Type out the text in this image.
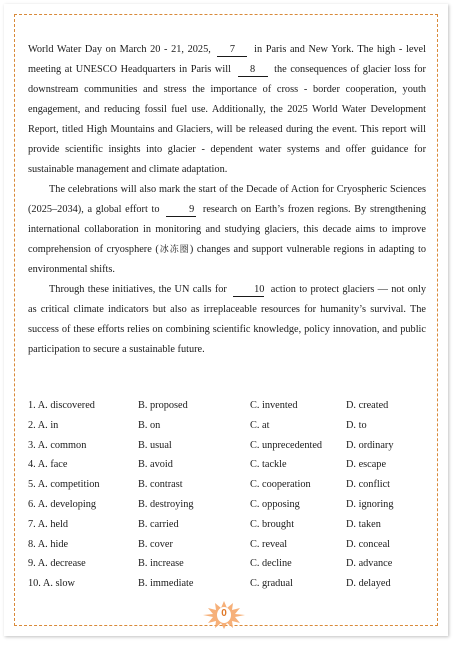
World Water Day on March 20 - 21, 2025, 7 in Paris and New York. The high - level meeting at UNESCO Headquarters in Paris will 8 the consequences of glacier loss for downstream communities and stress the importance of cross - border cooperation, youth engagement, and reducing fossil fuel use. Additionally, the 2025 World Water Development Report, titled High Mountains and Glaciers, will be released during the event. This report will provide scientific insights into glacier - dependent water systems and offer guidance for sustainable management and climate adaptation.

The celebrations will also mark the start of the Decade of Action for Cryospheric Sciences (2025–2034), a global effort to	9 research on Earth’s frozen regions. By strengthening international collaboration in monitoring and studying glaciers, this decade aims to improve comprehension of cryosphere (冰冻圈) changes and support vulnerable regions in adapting to environmental shifts.

Through these initiatives, the UN calls for	10 action to protect glaciers — not only as critical climate indicators but also as irreplaceable resources for humanity’s survival. The success of these efforts relies on combining scientific knowledge, policy innovation, and public participation to secure a sustainable future.

1. A. discovered	B. proposed	C. invented	D. created
2. A. in	B. on	C. at	D. to
3. A. common	B. usual	C. unprecedented D. ordinary
4. A. face	B. avoid	C. tackle	D. escape
5. A. competition	B. contrast	C. cooperation	D. conflict
6. A. developing	B. destroying	C. opposing	D. ignoring
7. A. held	B. carried	C. brought	D. taken
8. A. hide	B. cover	C. reveal	D. conceal
9. A. decrease	B. increase	C. decline	D. advance
10. A. slow	B. immediate	C. gradual	D. delayed
0
